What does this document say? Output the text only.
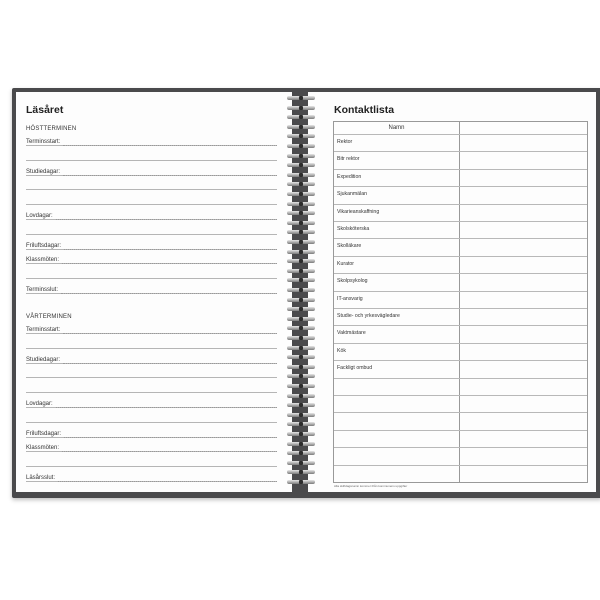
Läsåret
HÖSTTERMINEN
Terminsstart:
Studiedagar:
Lovdagar:
Friluftsdagar:
Klassmöten:
Terminsslut:
VÅRTERMINEN
Terminsstart:
Studiedagar:
Lovdagar:
Friluftsdagar:
Klassmöten:
Läsårsslut:
Kontaktlista
Namn
Rektor
Bitr rektor
Expedition
Sjukanmälan
Vikarieanskaffning
Skolsköterska
Skolläkare
Kurator
Skolpsykolog
IT-ansvarig
Studie- och yrkesvägledare
Vaktmästare
Kök
Fackligt ombud
Alla skiftdagsnamn kommer ifrån kommunens uppgifter
